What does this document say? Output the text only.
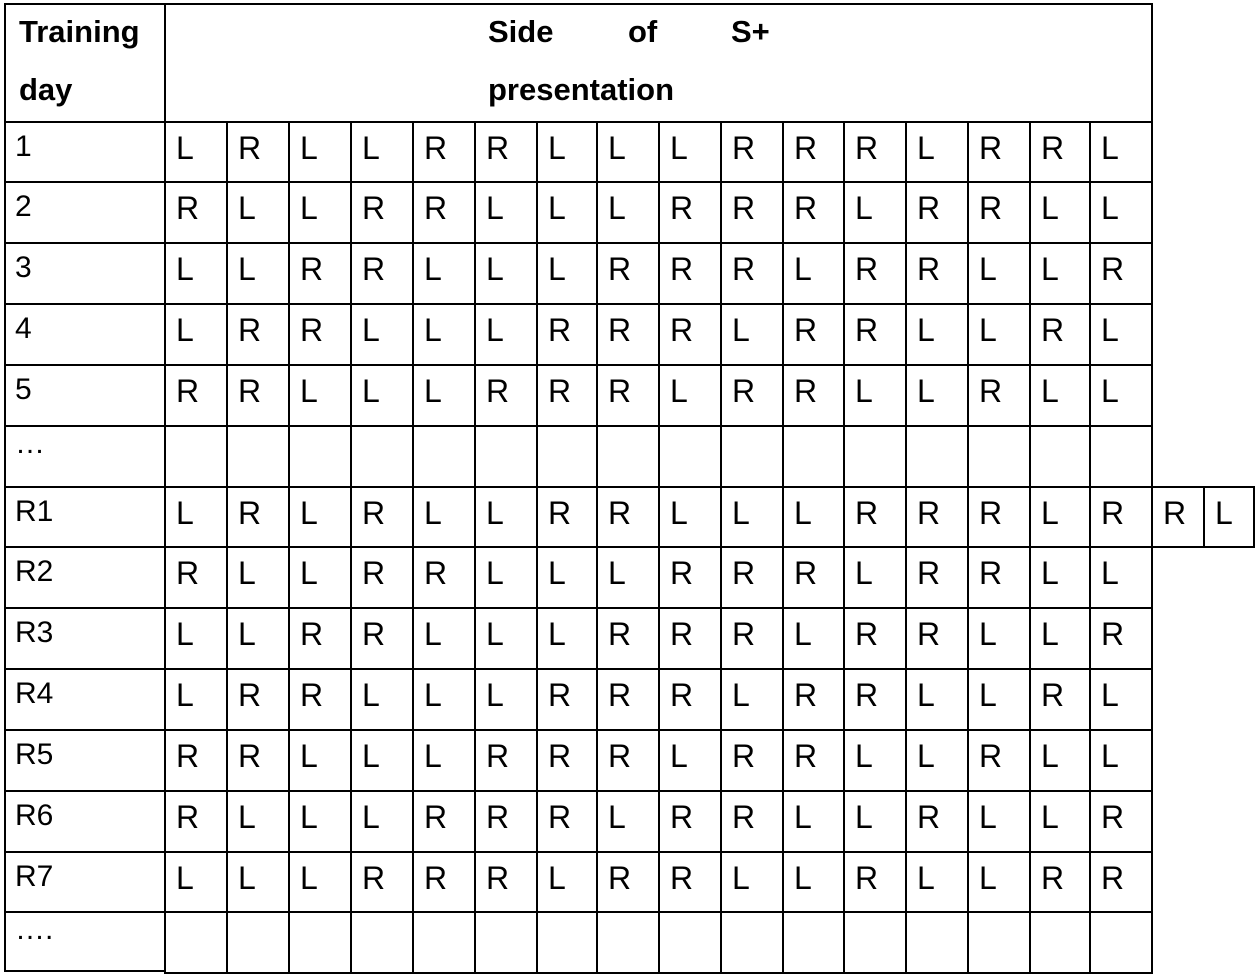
Training
day
Side of S+
presentation
1	L	R	L	L	R	R	L	L	L	R	R	R	L	R	R	L
2	R	L	L	R	R	L	L	L	R	R	R	L	R	R	L	L
3	L	L	R	R	L	L	L	R	R	R	L	R	R	L	L	R
4	L	R	R	L	L	L	R	R	R	L	R	R	L	L	R	L
5	R	R	L	L	L	R	R	R	L	R	R	L	L	R	L	L
…
R1	L	R	L	R	L	L	R	R	L	L	L	R	R	R	L	R	R L
R2	R	L	L	R	R	L	L	L	R	R	R	L	R	R	L	L
R3	L	L	R	R	L	L	L	R	R	R	L	R	R	L	L	R
R4	L	R	R	L	L	L	R	R	R	L	R	R	L	L	R	L
R5	R	R	L	L	L	R	R	R	L	R	R	L	L	R	L	L
R6	R	L	L	L	R	R	R	L	R	R	L	L	R	L	L	R
R7	L	L	L	R	R	R	L	R	R	L	L	R	L	L	R	R
….
